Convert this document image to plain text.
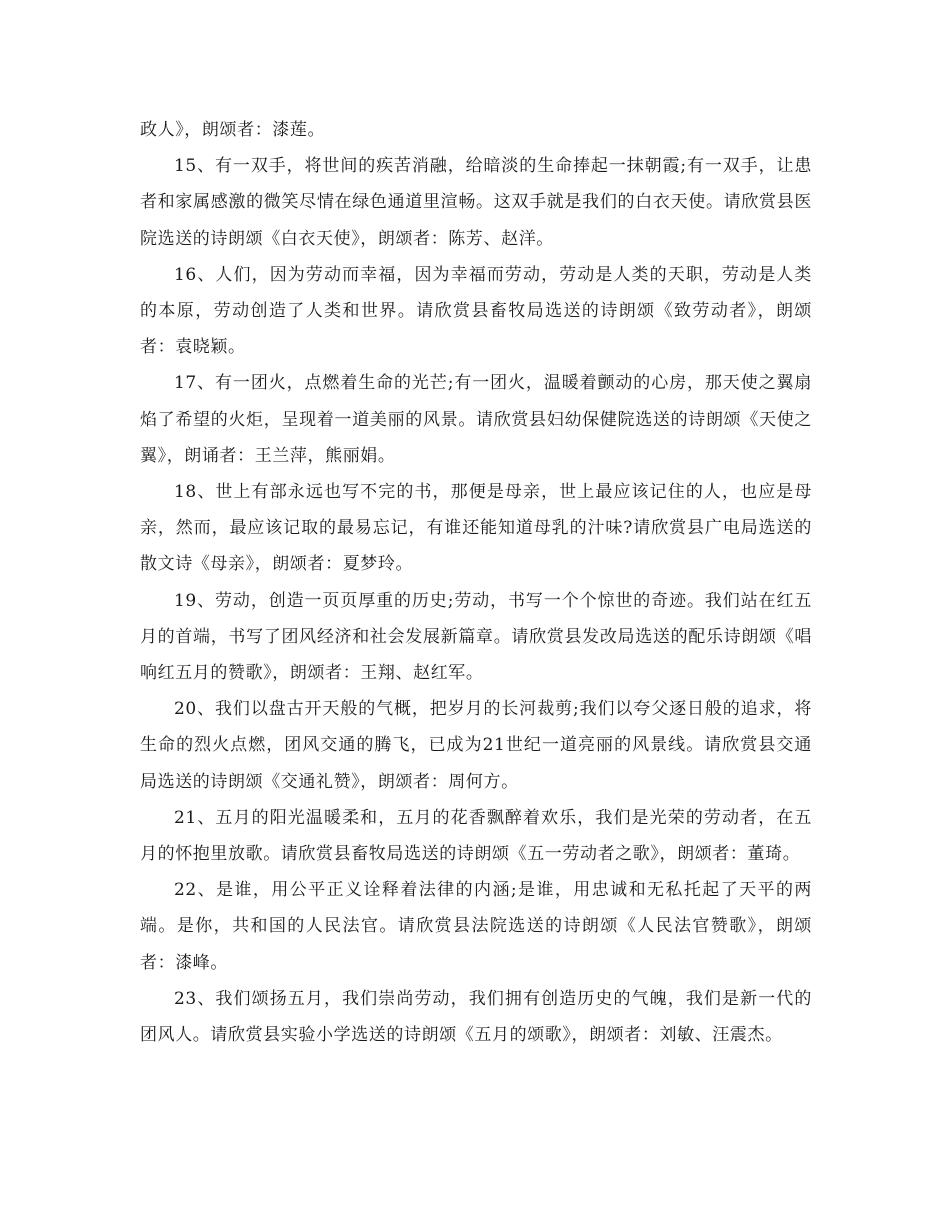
政人》，朗颂者：漆莲。

15、有一双手，将世间的疾苦消融，给暗淡的生命捧起一抹朝霞;有一双手，让患者和家属感激的微笑尽情在绿色通道里渲畅。这双手就是我们的白衣天使。请欣赏县医院选送的诗朗颂《白衣天使》，朗颂者：陈芳、赵洋。

16、人们，因为劳动而幸福，因为幸福而劳动，劳动是人类的天职，劳动是人类的本原，劳动创造了人类和世界。请欣赏县畜牧局选送的诗朗颂《致劳动者》，朗颂者：袁晓颖。

17、有一团火，点燃着生命的光芒;有一团火，温暖着颤动的心房，那天使之翼扇焰了希望的火炬，呈现着一道美丽的风景。请欣赏县妇幼保健院选送的诗朗颂《天使之翼》，朗诵者：王兰萍，熊丽娟。

18、世上有部永远也写不完的书，那便是母亲，世上最应该记住的人，也应是母亲，然而，最应该记取的最易忘记，有谁还能知道母乳的汁味?请欣赏县广电局选送的散文诗《母亲》，朗颂者：夏梦玲。

19、劳动，创造一页页厚重的历史;劳动，书写一个个惊世的奇迹。我们站在红五月的首端，书写了团风经济和社会发展新篇章。请欣赏县发改局选送的配乐诗朗颂《唱响红五月的赞歌》，朗颂者：王翔、赵红军。

20、我们以盘古开天般的气概，把岁月的长河裁剪;我们以夸父逐日般的追求，将生命的烈火点燃，团风交通的腾飞，已成为21世纪一道亮丽的风景线。请欣赏县交通局选送的诗朗颂《交通礼赞》，朗颂者：周何方。

21、五月的阳光温暖柔和，五月的花香飘醉着欢乐，我们是光荣的劳动者，在五月的怀抱里放歌。请欣赏县畜牧局选送的诗朗颂《五一劳动者之歌》，朗颂者：董琦。

22、是谁，用公平正义诠释着法律的内涵;是谁，用忠诚和无私托起了天平的两端。是你，共和国的人民法官。请欣赏县法院选送的诗朗颂《人民法官赞歌》，朗颂者：漆峰。

23、我们颂扬五月，我们崇尚劳动，我们拥有创造历史的气魄，我们是新一代的团风人。请欣赏县实验小学选送的诗朗颂《五月的颂歌》，朗颂者：刘敏、汪震杰。
